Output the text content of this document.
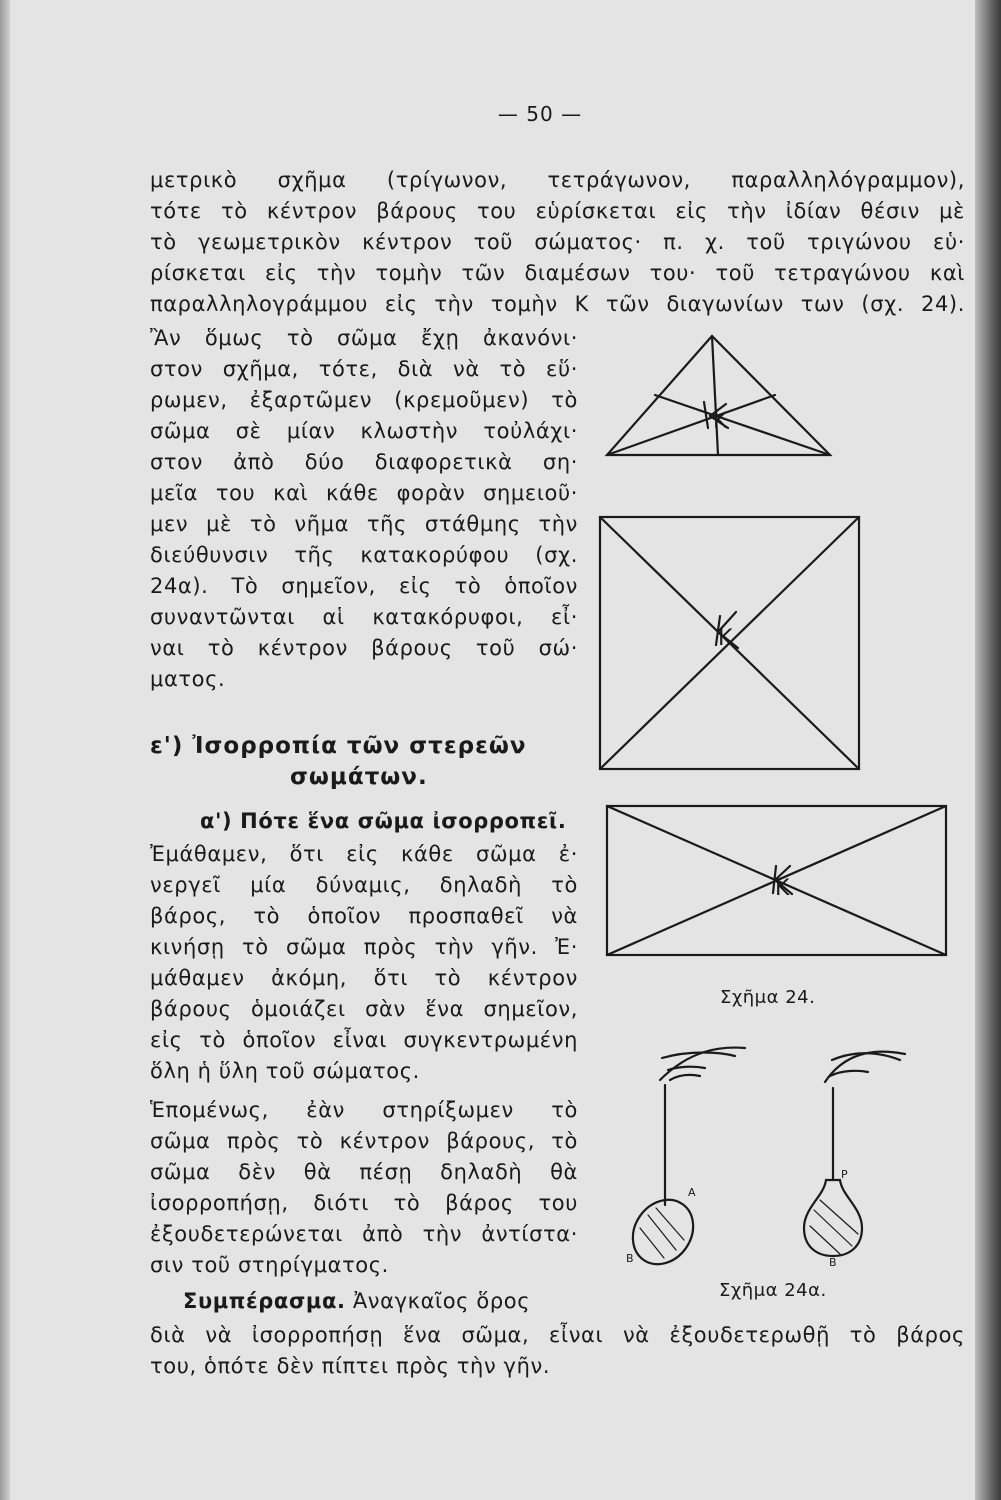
— 50 —
μετρικὸ σχῆμα (τρίγωνον, τετράγωνον, παραλληλόγραμμον),
τότε τὸ κέντρον βάρους του εὑρίσκεται εἰς τὴν ἰδίαν θέσιν μὲ
τὸ γεωμετρικὸν κέντρον τοῦ σώματος· π. χ. τοῦ τριγώνου εὑ·
ρίσκεται εἰς τὴν τομὴν τῶν διαμέσων του· τοῦ τετραγώνου καὶ
παραλληλογράμμου εἰς τὴν τομὴν Κ τῶν διαγωνίων των (σχ. 24).
Ἂν ὅμως τὸ σῶμα ἔχῃ ἀκανόνι·
στον σχῆμα, τότε, διὰ νὰ τὸ εὕ·
ρωμεν, ἐξαρτῶμεν (κρεμοῦμεν) τὸ
σῶμα σὲ μίαν κλωστὴν τοὐλάχι·
στον ἀπὸ δύο διαφορετικὰ ση·
μεῖα του καὶ κάθε φορὰν σημειοῦ·
μεν μὲ τὸ νῆμα τῆς στάθμης τὴν
διεύθυνσιν τῆς κατακορύφου (σχ.
24α). Τὸ σημεῖον, εἰς τὸ ὁποῖον
συναντῶνται αἱ κατακόρυφοι, εἶ·
ναι τὸ κέντρον βάρους τοῦ σώ·
ματος.
ε') Ἰσορροπία τῶν στερεῶν
σωμάτων.
α') Πότε ἕνα σῶμα ἰσορροπεῖ.
Ἐμάθαμεν, ὅτι εἰς κάθε σῶμα ἐ·
νεργεῖ μία δύναμις, δηλαδὴ τὸ
βάρος, τὸ ὁποῖον προσπαθεῖ νὰ
κινήσῃ τὸ σῶμα πρὸς τὴν γῆν. Ἐ·
μάθαμεν ἀκόμη, ὅτι τὸ κέντρον
βάρους ὁμοιάζει σὰν ἕνα σημεῖον,
εἰς τὸ ὁποῖον εἶναι συγκεντρωμένη
ὅλη ἡ ὕλη τοῦ σώματος.
Ἑπομένως, ἐὰν στηρίξωμεν τὸ
σῶμα πρὸς τὸ κέντρον βάρους, τὸ
σῶμα δὲν θὰ πέσῃ δηλαδὴ θὰ
ἰσορροπήσῃ, διότι τὸ βάρος του
ἐξουδετερώνεται ἀπὸ τὴν ἀντίστα·
σιν τοῦ στηρίγματος.
Συμπέρασμα. Ἀναγκαῖος ὅρος
διὰ νὰ ἰσορροπήσῃ ἕνα σῶμα, εἶναι νὰ ἐξουδετερωθῇ τὸ βάρος
του, ὁπότε δὲν πίπτει πρὸς τὴν γῆν.
K
K
K
A
B
P
B
Σχῆμα 24.
Σχῆμα 24α.
